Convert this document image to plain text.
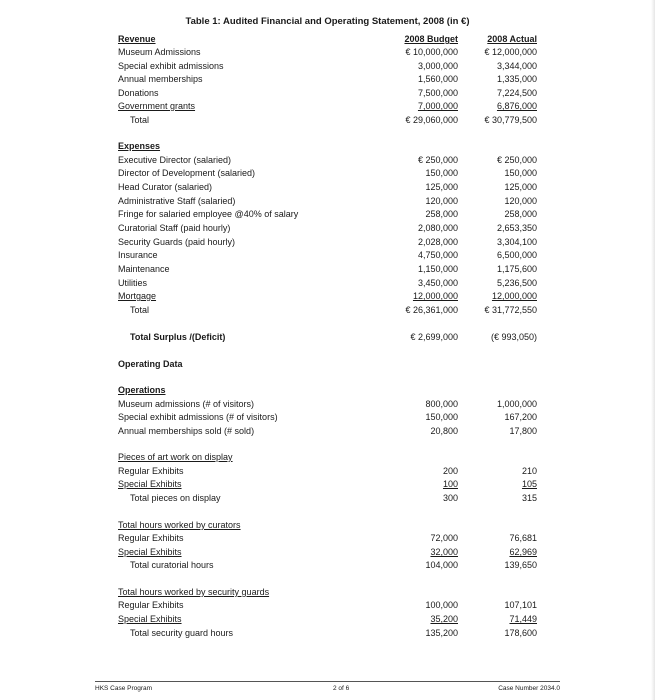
Table 1: Audited Financial and Operating Statement, 2008 (in €)
Revenue	2008 Budget	2008 Actual
Museum Admissions	€ 10,000,000	€ 12,000,000
Special exhibit admissions	3,000,000	3,344,000
Annual memberships	1,560,000	1,335,000
Donations	7,500,000	7,224,500
Government grants	7,000,000	6,876,000
Total	€ 29,060,000	€ 30,779,500
Expenses
Executive Director (salaried)	€ 250,000	€ 250,000
Director of Development (salaried)	150,000	150,000
Head Curator (salaried)	125,000	125,000
Administrative Staff (salaried)	120,000	120,000
Fringe for salaried employee @40% of salary	258,000	258,000
Curatorial Staff (paid hourly)	2,080,000	2,653,350
Security Guards (paid hourly)	2,028,000	3,304,100
Insurance	4,750,000	6,500,000
Maintenance	1,150,000	1,175,600
Utilities	3,450,000	5,236,500
Mortgage	12,000,000	12,000,000
Total	€ 26,361,000	€ 31,772,550
Total Surplus /(Deficit)	€ 2,699,000	(€ 993,050)
Operating Data
Operations
Museum admissions (# of visitors)	800,000	1,000,000
Special exhibit admissions (# of visitors)	150,000	167,200
Annual memberships sold (# sold)	20,800	17,800
Pieces of art work on display
Regular Exhibits	200	210
Special Exhibits	100	105
Total pieces on display	300	315
Total hours worked by curators
Regular Exhibits	72,000	76,681
Special Exhibits	32,000	62,969
Total curatorial hours	104,000	139,650
Total hours worked by security guards
Regular Exhibits	100,000	107,101
Special Exhibits	35,200	71,449
Total security guard hours	135,200	178,600
HKS Case Program	2 of 6	Case Number 2034.0
